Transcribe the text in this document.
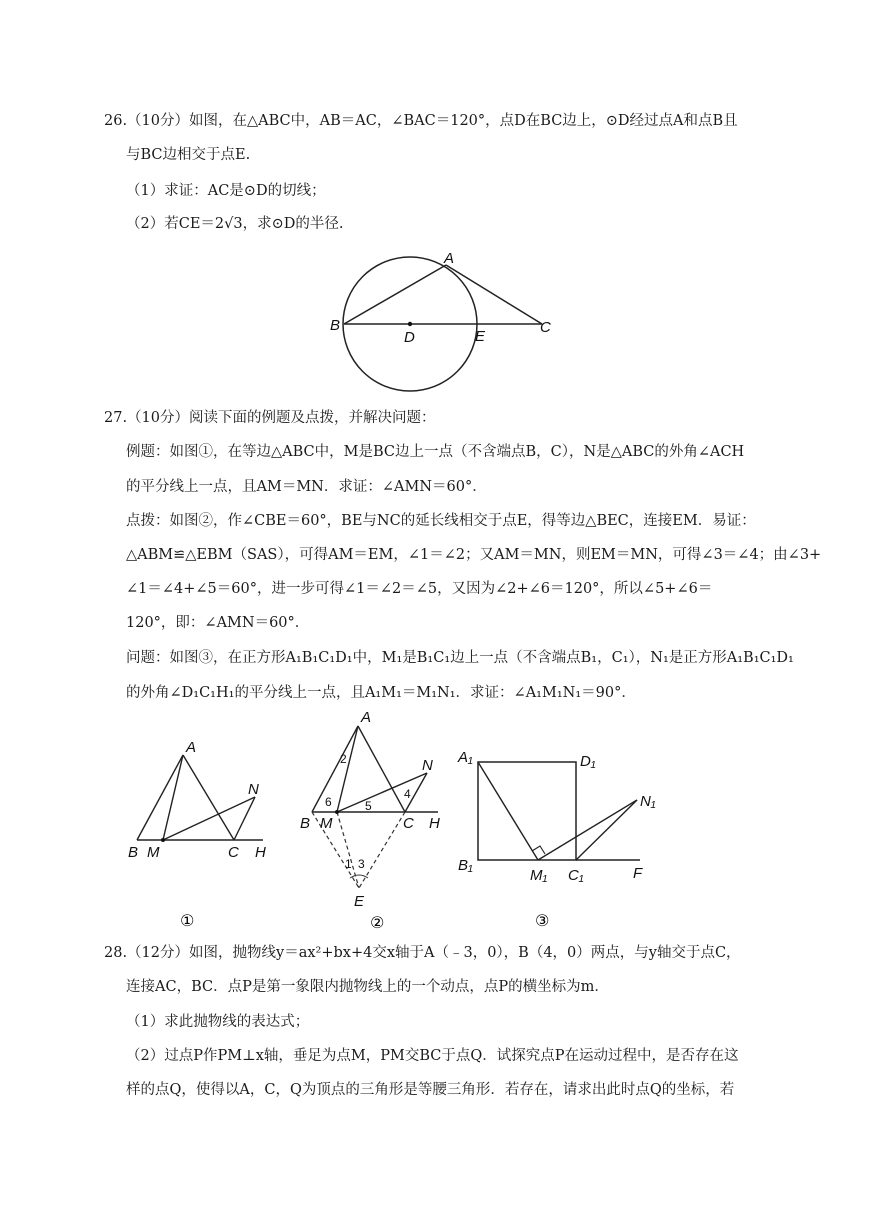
26.（10分）如图，在△ABC中，AB＝AC，∠BAC＝120°，点D在BC边上，⊙D经过点A和点B且
与BC边相交于点E.
（1）求证：AC是⊙D的切线；
（2）若CE＝2√3，求⊙D的半径.
A
B
D	E
C
27.（10分）阅读下面的例题及点拨，并解决问题：
例题：如图①，在等边△ABC中，M是BC边上一点（不含端点B，C），N是△ABC的外角∠ACH
的平分线上一点，且AM＝MN．求证：∠AMN＝60°．
点拨：如图②，作∠CBE＝60°，BE与NC的延长线相交于点E，得等边△BEC，连接EM．易证：
△ABM≌△EBM（SAS），可得AM＝EM，∠1＝∠2；又AM＝MN，则EM＝MN，可得∠3＝∠4；由∠3+
∠1＝∠4+∠5＝60°，进一步可得∠1＝∠2＝∠5，又因为∠2+∠6＝120°，所以∠5+∠6＝
120°，即：∠AMN＝60°．
问题：如图③，在正方形A₁B₁C₁D₁中，M₁是B₁C₁边上一点（不含端点B₁，C₁），N₁是正方形A₁B₁C₁D₁
的外角∠D₁C₁H₁的平分线上一点，且A₁M₁＝M₁N₁．求证：∠A₁M₁N₁＝90°．
A
N
B M	C H
①
A
N
B M	C H
E
2
6	5
4
1 3
②
A₁	D₁
N₁
B₁
M₁ C₁	F
③
28.（12分）如图，抛物线y＝ax²+bx+4交x轴于A（﹣3，0），B（4，0）两点，与y轴交于点C，
连接AC，BC．点P是第一象限内抛物线上的一个动点，点P的横坐标为m．
（1）求此抛物线的表达式；
（2）过点P作PM⊥x轴，垂足为点M，PM交BC于点Q．试探究点P在运动过程中，是否存在这
样的点Q，使得以A，C，Q为顶点的三角形是等腰三角形．若存在，请求出此时点Q的坐标，若
